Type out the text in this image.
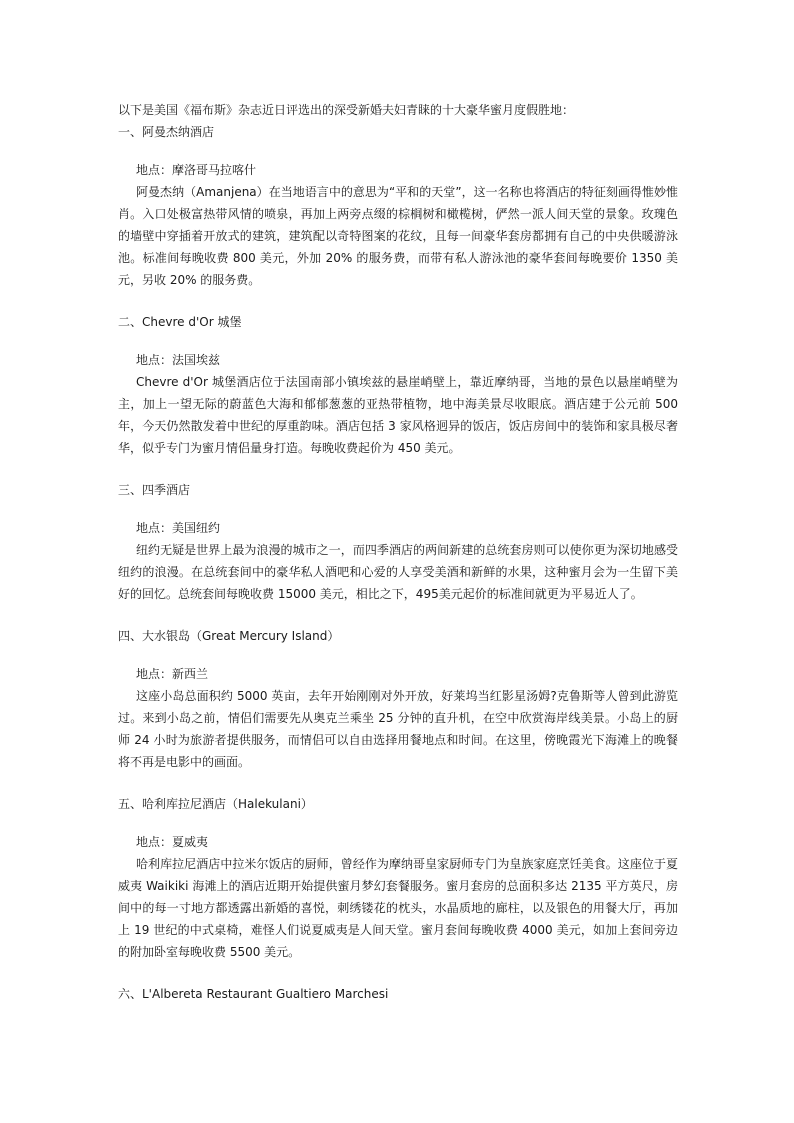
以下是美国《福布斯》杂志近日评选出的深受新婚夫妇青睐的十大豪华蜜月度假胜地：

一、阿曼杰纳酒店

地点：摩洛哥马拉喀什

阿曼杰纳（Amanjena）在当地语言中的意思为“平和的天堂”，这一名称也将酒店的特征刻画得惟妙惟肖。入口处极富热带风情的喷泉，再加上两旁点缀的棕榈树和橄榄树，俨然一派人间天堂的景象。玫瑰色的墙壁中穿插着开放式的建筑，建筑配以奇特图案的花纹，且每一间豪华套房都拥有自己的中央供暖游泳池。标准间每晚收费 800 美元，外加 20% 的服务费，而带有私人游泳池的豪华套间每晚要价 1350 美元，另收 20% 的服务费。

二、Chevre d'Or 城堡

地点：法国埃兹

Chevre d'Or 城堡酒店位于法国南部小镇埃兹的悬崖峭壁上，靠近摩纳哥，当地的景色以悬崖峭壁为主，加上一望无际的蔚蓝色大海和郁郁葱葱的亚热带植物，地中海美景尽收眼底。酒店建于公元前 500 年，今天仍然散发着中世纪的厚重韵味。酒店包括 3 家风格迥异的饭店，饭店房间中的装饰和家具极尽奢华，似乎专门为蜜月情侣量身打造。每晚收费起价为 450 美元。

三、四季酒店

地点：美国纽约

纽约无疑是世界上最为浪漫的城市之一，而四季酒店的两间新建的总统套房则可以使你更为深切地感受纽约的浪漫。在总统套间中的豪华私人酒吧和心爱的人享受美酒和新鲜的水果，这种蜜月会为一生留下美好的回忆。总统套间每晚收费 15000 美元，相比之下，495美元起价的标准间就更为平易近人了。

四、大水银岛（Great Mercury Island）

地点：新西兰

这座小岛总面积约 5000 英亩，去年开始刚刚对外开放，好莱坞当红影星汤姆?克鲁斯等人曾到此游览过。来到小岛之前，情侣们需要先从奥克兰乘坐 25 分钟的直升机，在空中欣赏海岸线美景。小岛上的厨师 24 小时为旅游者提供服务，而情侣可以自由选择用餐地点和时间。在这里，傍晚霞光下海滩上的晚餐将不再是电影中的画面。

五、哈利库拉尼酒店（Halekulani）

地点：夏威夷

哈利库拉尼酒店中拉米尔饭店的厨师，曾经作为摩纳哥皇家厨师专门为皇族家庭烹饪美食。这座位于夏威夷 Waikiki 海滩上的酒店近期开始提供蜜月梦幻套餐服务。蜜月套房的总面积多达 2135 平方英尺，房间中的每一寸地方都透露出新婚的喜悦，刺绣镂花的枕头，水晶质地的廊柱，以及银色的用餐大厅，再加上 19 世纪的中式桌椅，难怪人们说夏威夷是人间天堂。蜜月套间每晚收费 4000 美元，如加上套间旁边的附加卧室每晚收费 5500 美元。

六、L'Albereta Restaurant Gualtiero Marchesi
